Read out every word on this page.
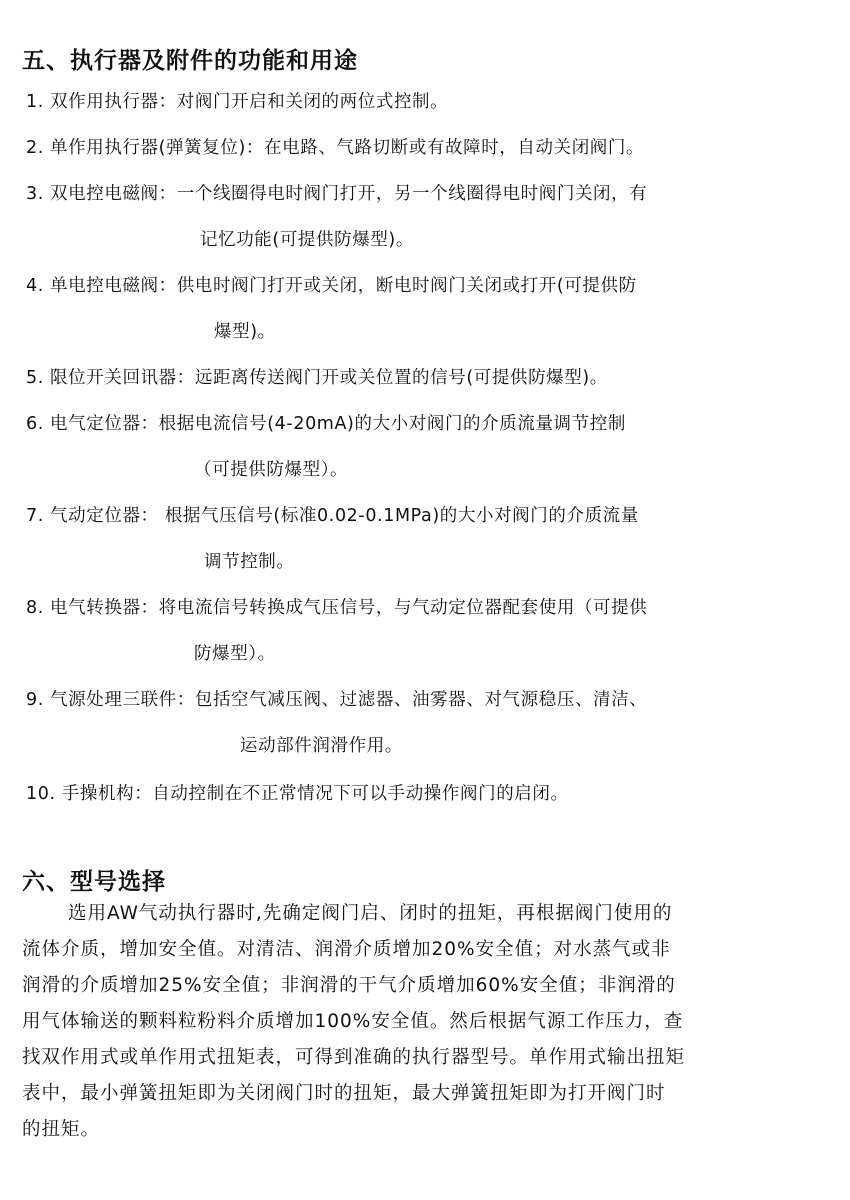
五、执行器及附件的功能和用途
1. 双作用执行器：对阀门开启和关闭的两位式控制。
2. 单作用执行器(弹簧复位)：在电路、气路切断或有故障时，自动关闭阀门。
3. 双电控电磁阀：一个线圈得电时阀门打开，另一个线圈得电时阀门关闭，有
记忆功能(可提供防爆型)。
4. 单电控电磁阀：供电时阀门打开或关闭，断电时阀门关闭或打开(可提供防
爆型)。
5. 限位开关回讯器：远距离传送阀门开或关位置的信号(可提供防爆型)。
6. 电气定位器：根据电流信号(4-20mA)的大小对阀门的介质流量调节控制
（可提供防爆型）。
7. 气动定位器： 根据气压信号(标准0.02-0.1MPa)的大小对阀门的介质流量
调节控制。
8. 电气转换器：将电流信号转换成气压信号，与气动定位器配套使用（可提供
防爆型）。
9. 气源处理三联件：包括空气减压阀、过滤器、油雾器、对气源稳压、清洁、
运动部件润滑作用。
10. 手操机构：自动控制在不正常情况下可以手动操作阀门的启闭。
六、型号选择
选用AW气动执行器时,先确定阀门启、闭时的扭矩，再根据阀门使用的
流体介质，增加安全值。对清洁、润滑介质增加20%安全值；对水蒸气或非
润滑的介质增加25%安全值；非润滑的干气介质增加60%安全值；非润滑的
用气体输送的颗料粒粉料介质增加100%安全值。然后根据气源工作压力，查
找双作用式或单作用式扭矩表，可得到准确的执行器型号。单作用式输出扭矩
表中，最小弹簧扭矩即为关闭阀门时的扭矩，最大弹簧扭矩即为打开阀门时
的扭矩。
